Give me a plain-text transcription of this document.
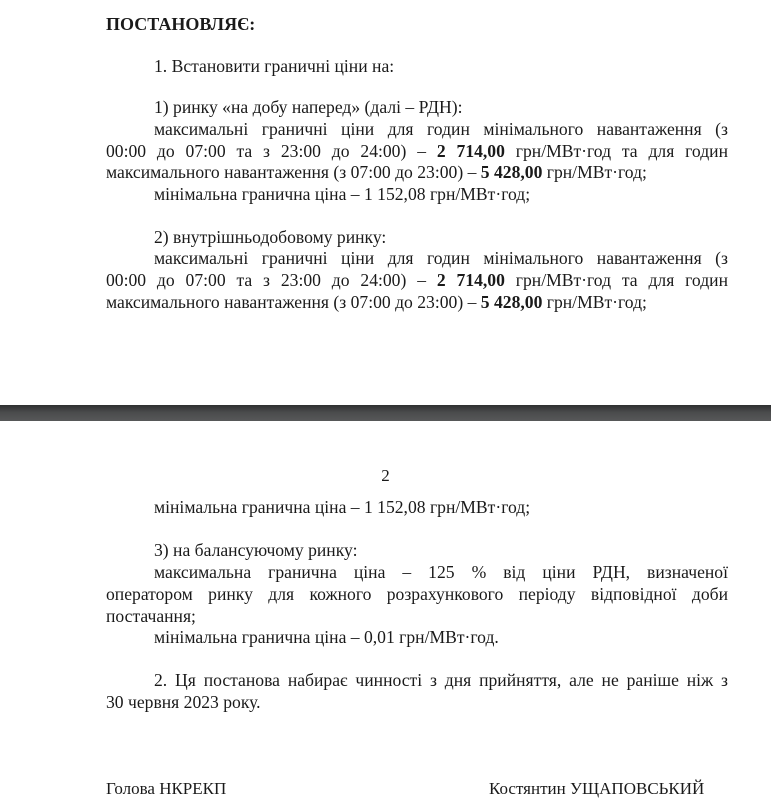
ПОСТАНОВЛЯЄ:
1. Встановити граничні ціни на:
1) ринку «на добу наперед» (далі – РДН):
максимальні граничні ціни для годин мінімального навантаження (з
00:00 до 07:00 та з 23:00 до 24:00) – 2 714,00 грн/МВт·год та для годин
максимального навантаження (з 07:00 до 23:00) – 5 428,00 грн/МВт·год;
мінімальна гранична ціна – 1 152,08 грн/МВт·год;
2) внутрішньодобовому ринку:
максимальні граничні ціни для годин мінімального навантаження (з
00:00 до 07:00 та з 23:00 до 24:00) – 2 714,00 грн/МВт·год та для годин
максимального навантаження (з 07:00 до 23:00) – 5 428,00 грн/МВт·год;
2
мінімальна гранична ціна – 1 152,08 грн/МВт·год;
3) на балансуючому ринку:
максимальна гранична ціна – 125 % від ціни РДН, визначеної
оператором ринку для кожного розрахункового періоду відповідної доби
постачання;
мінімальна гранична ціна – 0,01 грн/МВт·год.
2. Ця постанова набирає чинності з дня прийняття, але не раніше ніж з
30 червня 2023 року.
Голова НКРЕКП	Костянтин УЩАПОВСЬКИЙ
